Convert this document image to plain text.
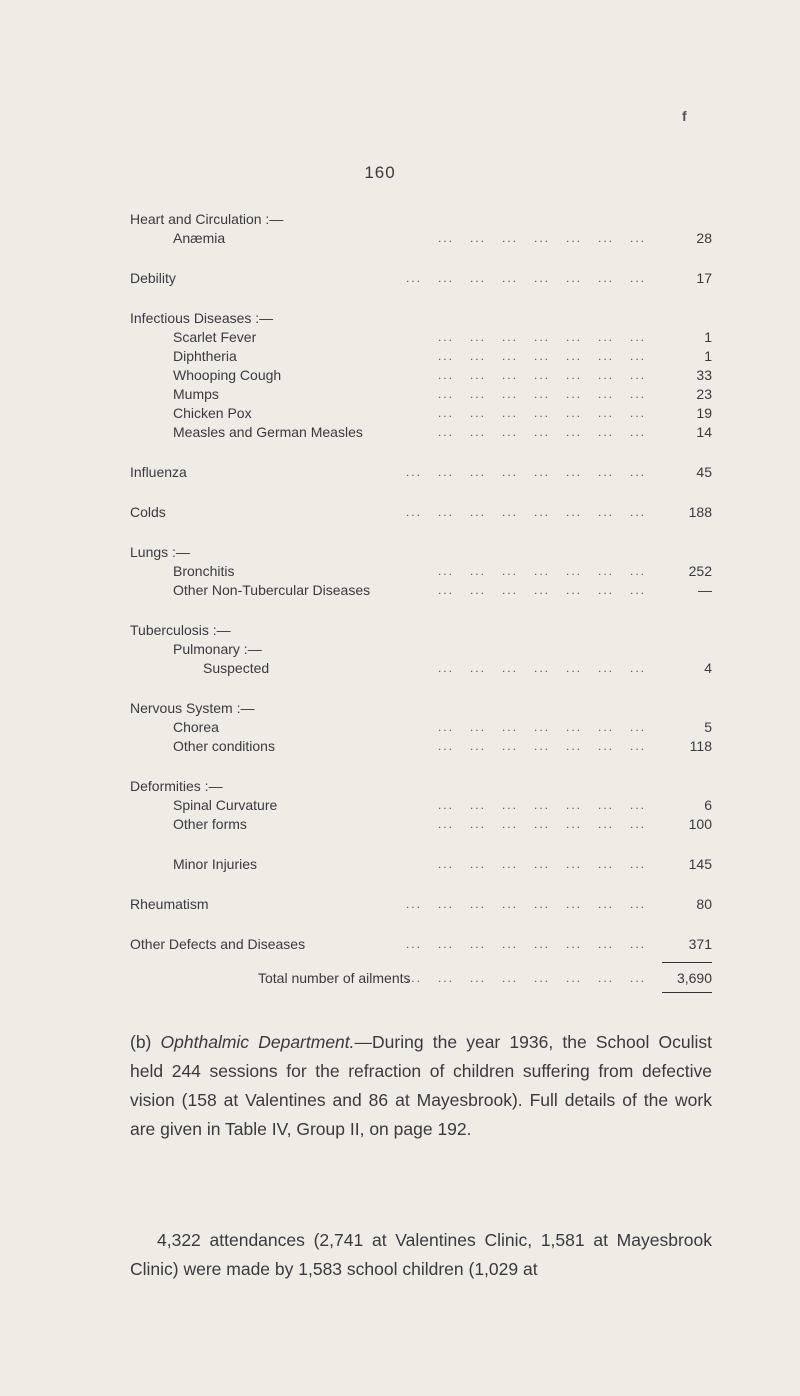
f
160
Heart and Circulation :—
Anæmia ...	28
Debility ...	17
Infectious Diseases :—
Scarlet Fever ...	1
Diphtheria ...	1
Whooping Cough ...	33
Mumps ...	23
Chicken Pox ...	19
Measles and German Measles ...	14
Influenza ...	45
Colds ...	188
Lungs :—
Bronchitis ...	252
Other Non-Tubercular Diseases ...	—
Tuberculosis :—
Pulmonary :—
Suspected ...	4
Nervous System :—
Chorea ...	5
Other conditions ...	118
Deformities :—
Spinal Curvature ...	6
Other forms ...	100
Minor Injuries ...	145
Rheumatism ...	80
Other Defects and Diseases ...	371
Total number of ailments ...	3,690
(b) Ophthalmic Department.—During the year 1936, the School Oculist held 244 sessions for the refraction of children suffering from defective vision (158 at Valentines and 86 at Mayesbrook). Full details of the work are given in Table IV, Group II, on page 192.
4,322 attendances (2,741 at Valentines Clinic, 1,581 at Mayesbrook Clinic) were made by 1,583 school children (1,029 at
